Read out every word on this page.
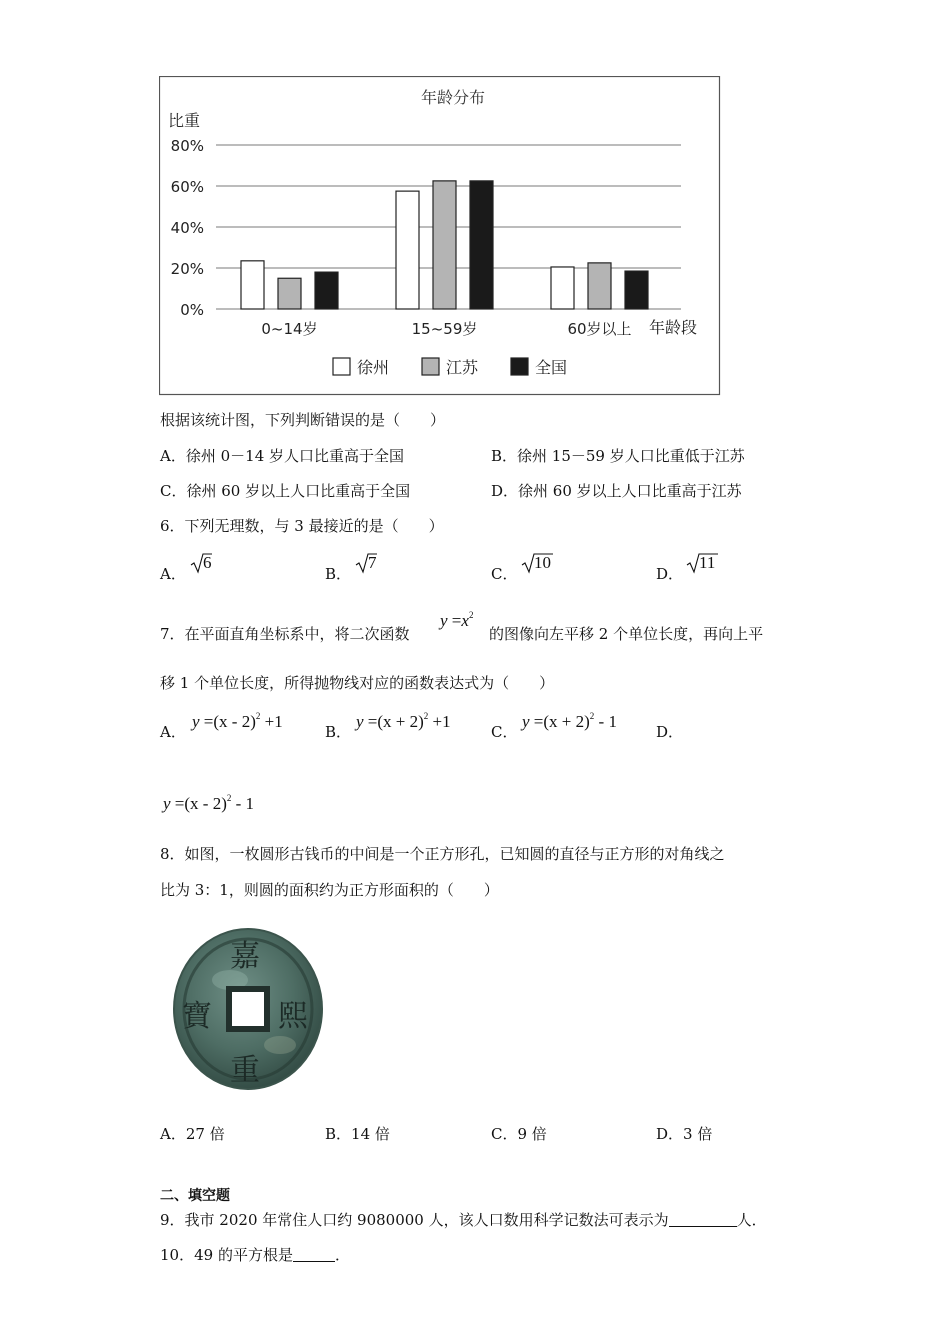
年龄分布
比重
年龄段
0%
20%
40%
60%
80%
0~14岁	15~59岁	60岁以上
徐州	江苏	全国
根据该统计图，下列判断错误的是（　　）
A．徐州 0－14 岁人口比重高于全国	B．徐州 15－59 岁人口比重低于江苏
C．徐州 60 岁以上人口比重高于全国	D．徐州 60 岁以上人口比重高于江苏
6．下列无理数，与 3 最接近的是（　　）
A．
6
B．
7
C．
10
D．
11
7．在平面直角坐标系中，将二次函数
$y =x^2$
的图像向左平移 2 个单位长度，再向上平
移 1 个单位长度，所得抛物线对应的函数表达式为（　　）
A．
y =(x - 2)$^2$ +1
B．
$y =(x + 2)^2 +1$
C．
$y =(x + 2)^2 - 1$
D．
y =(x - 2)$^2$ - 1
8．如图，一枚圆形古钱币的中间是一个正方形孔，已知圆的直径与正方形的对角线之
比为 3：1，则圆的面积约为正方形面积的（　　）
嘉
熙
重
寶
A．27 倍	B．14 倍	C．9 倍	D．3 倍
二、填空题
9．我市 2020 年常住人口约 9080000 人，该人口数用科学记数法可表示为	人．
10．49 的平方根是	．
